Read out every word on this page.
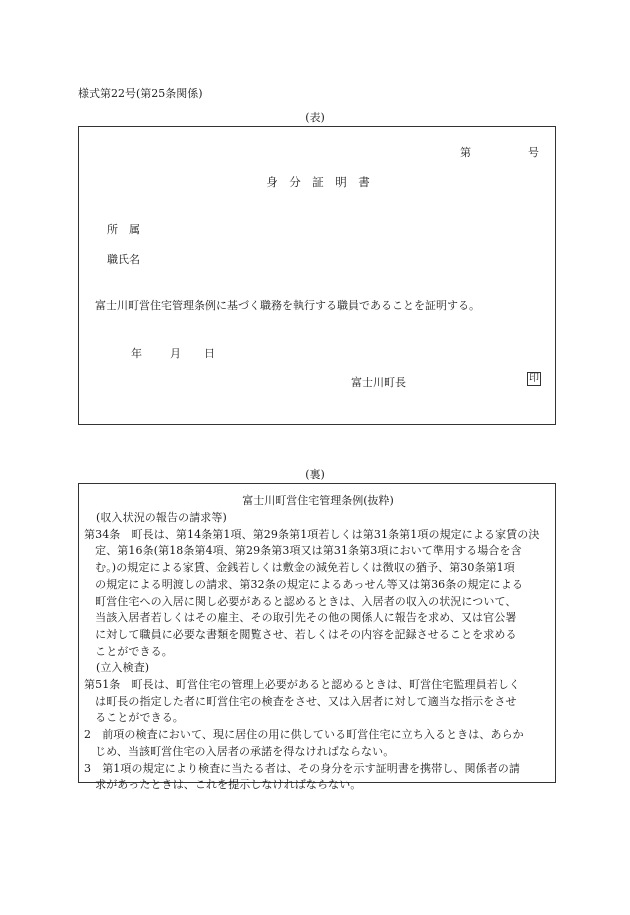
様式第22号(第25条関係)
(表)
第	号
身　分　証　明　書
所　属
職氏名
富士川町営住宅管理条例に基づく職務を執行する職員であることを証明する。
年	月 日
富士川町長	印
(裏)
富士川町営住宅管理条例(抜粋)
(収入状況の報告の請求等)
第34条　町長は、第14条第1項、第29条第1項若しくは第31条第1項の規定による家賃の決
　定、第16条(第18条第4項、第29条第3項又は第31条第3項において準用する場合を含
　む。)の規定による家賃、金銭若しくは敷金の減免若しくは徴収の猶予、第30条第1項
　の規定による明渡しの請求、第32条の規定によるあっせん等又は第36条の規定による
　町営住宅への入居に関し必要があると認めるときは、入居者の収入の状況について、
　当該入居者若しくはその雇主、その取引先その他の関係人に報告を求め、又は官公署
　に対して職員に必要な書類を閲覧させ、若しくはその内容を記録させることを求める
　ことができる。
(立入検査)
第51条　町長は、町営住宅の管理上必要があると認めるときは、町営住宅監理員若しく
　は町長の指定した者に町営住宅の検査をさせ、又は入居者に対して適当な指示をさせ
　ることができる。
2　前項の検査において、現に居住の用に供している町営住宅に立ち入るときは、あらか
　じめ、当該町営住宅の入居者の承諾を得なければならない。
3　第1項の規定により検査に当たる者は、その身分を示す証明書を携帯し、関係者の請
　求があったときは、これを提示しなければならない。
